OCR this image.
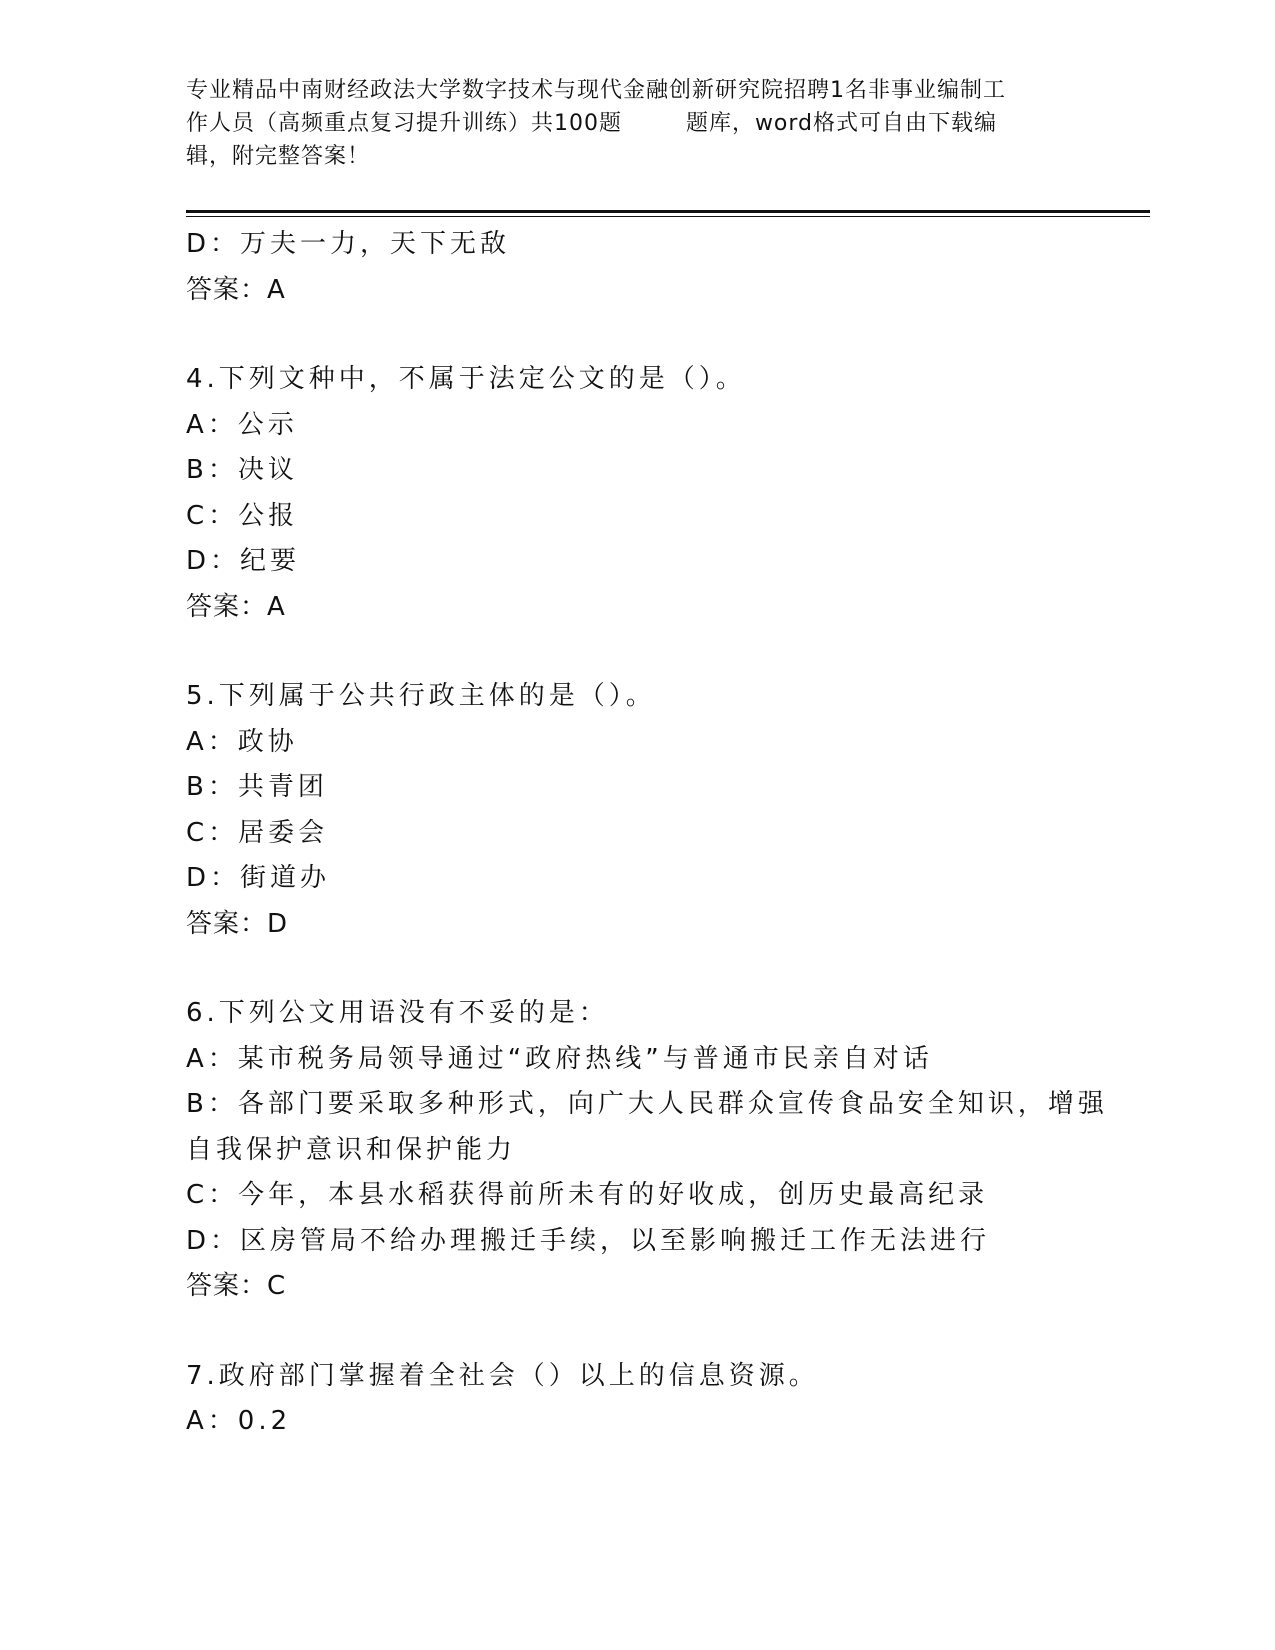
专业精品中南财经政法大学数字技术与现代金融创新研究院招聘1名非事业编制工
作人员（高频重点复习提升训练）共100题        题库，word格式可自由下载编
辑，附完整答案！
D：万夫一力，天下无敌
答案：A
4.下列文种中，不属于法定公文的是（）。
A：公示
B：决议
C：公报
D：纪要
答案：A
5.下列属于公共行政主体的是（）。
A：政协
B：共青团
C：居委会
D：街道办
答案：D
6.下列公文用语没有不妥的是：
A：某市税务局领导通过“政府热线”与普通市民亲自对话
B：各部门要采取多种形式，向广大人民群众宣传食品安全知识，增强
自我保护意识和保护能力
C：今年，本县水稻获得前所未有的好收成，创历史最高纪录
D：区房管局不给办理搬迁手续，以至影响搬迁工作无法进行
答案：C
7.政府部门掌握着全社会（）以上的信息资源。
A：0.2
